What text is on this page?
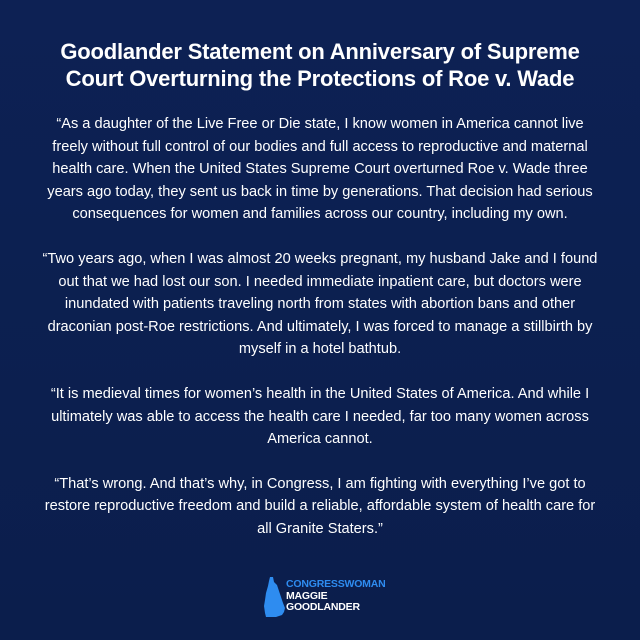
Goodlander Statement on Anniversary of Supreme Court Overturning the Protections of Roe v. Wade

“As a daughter of the Live Free or Die state, I know women in America cannot live freely without full control of our bodies and full access to reproductive and maternal health care. When the United States Supreme Court overturned Roe v. Wade three years ago today, they sent us back in time by generations. That decision had serious consequences for women and families across our country, including my own.

“Two years ago, when I was almost 20 weeks pregnant, my husband Jake and I found out that we had lost our son. I needed immediate inpatient care, but doctors were inundated with patients traveling north from states with abortion bans and other draconian post-Roe restrictions. And ultimately, I was forced to manage a stillbirth by myself in a hotel bathtub.

“It is medieval times for women’s health in the United States of America. And while I ultimately was able to access the health care I needed, far too many women across America cannot.

“That’s wrong. And that’s why, in Congress, I am fighting with everything I’ve got to restore reproductive freedom and build a reliable, affordable system of health care for all Granite Staters.”

CONGRESSWOMAN
MAGGIE
GOODLANDER
